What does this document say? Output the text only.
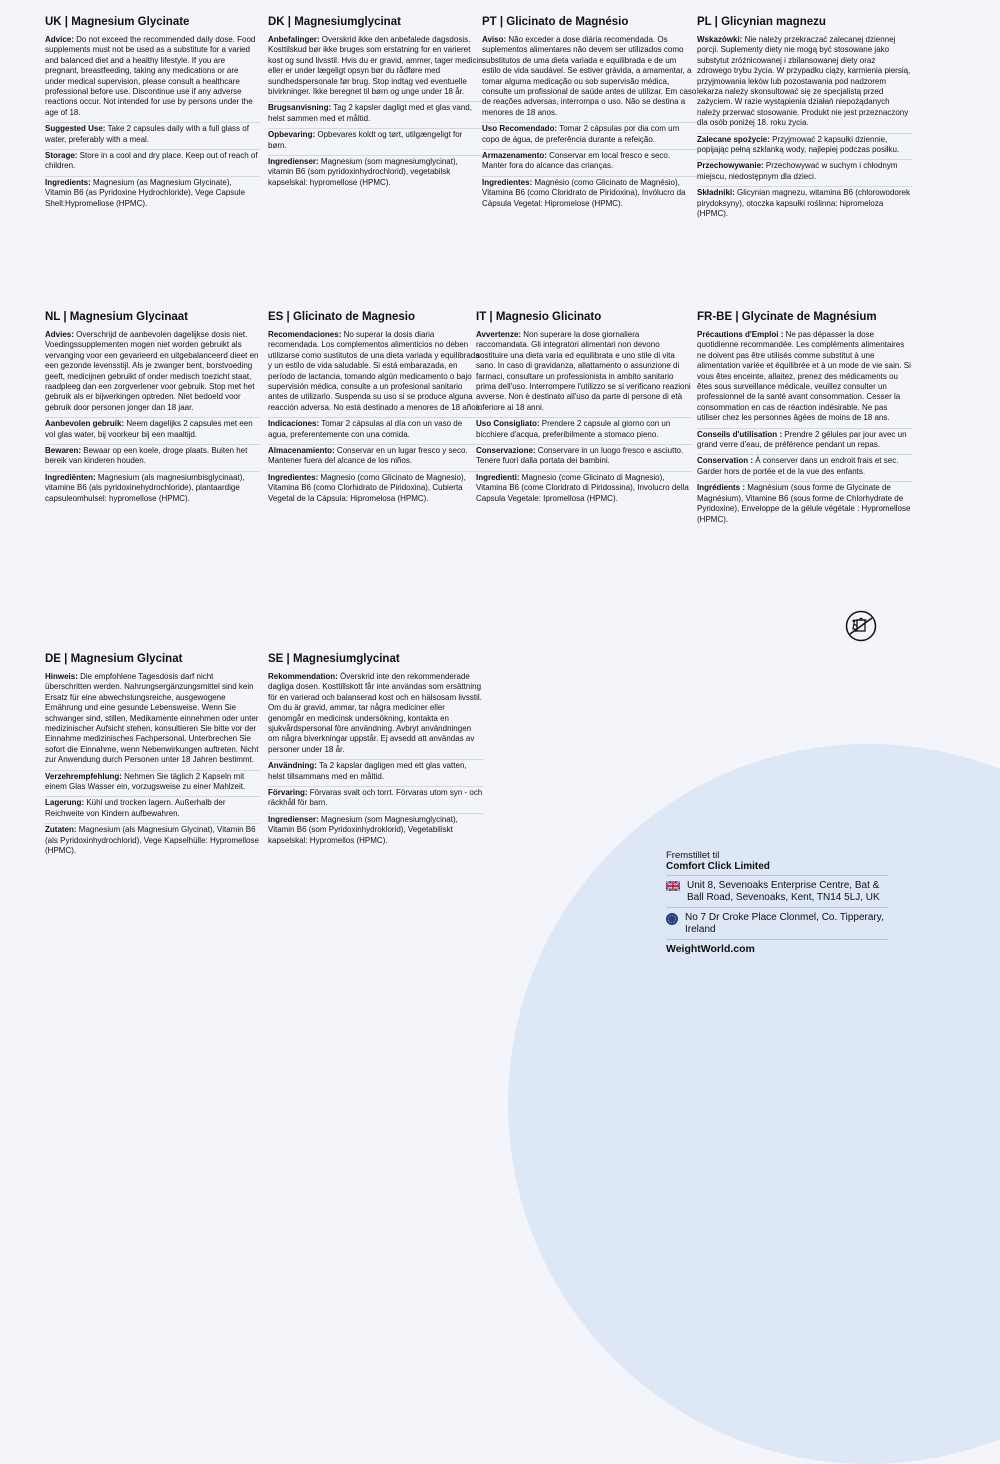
UK | Magnesium Glycinate
Advice: Do not exceed the recommended daily dose. Food supplements must not be used as a substitute for a varied and balanced diet and a healthy lifestyle. If you are pregnant, breastfeeding, taking any medications or are under medical supervision, please consult a healthcare professional before use. Discontinue use if any adverse reactions occur. Not intended for use by persons under the age of 18.
Suggested Use: Take 2 capsules daily with a full glass of water, preferably with a meal.
Storage: Store in a cool and dry place. Keep out of reach of children.
Ingredients: Magnesium (as Magnesium Glycinate), Vitamin B6 (as Pyridoxine Hydrochloride), Vege Capsule Shell:Hypromellose (HPMC).
DK | Magnesiumglycinat
Anbefalinger: Overskrid ikke den anbefalede dagsdosis. Kosttilskud bør ikke bruges som erstatning for en varieret kost og sund livsstil. Hvis du er gravid, ammer, tager medicin eller er under lægeligt opsyn bør du rådføre med sundhedspersonale før brug. Stop indtag ved eventuelle bivirkninger. Ikke beregnet til børn og unge under 18 år.
Brugsanvisning: Tag 2 kapsler dagligt med et glas vand, helst sammen med et måltid.
Opbevaring: Opbevares koldt og tørt, utilgængeligt for børn.
Ingredienser: Magnesium (som magnesiumglycinat), vitamin B6 (som pyridoxinhydrochlorid), vegetabilsk kapselskal: hypromellose (HPMC).
PT | Glicinato de Magnésio
Aviso: Não exceder a dose diária recomendada. Os suplementos alimentares não devem ser utilizados como substitutos de uma dieta variada e equilibrada e de um estilo de vida saudável. Se estiver grávida, a amamentar, a tomar alguma medicação ou sob supervisão médica, consulte um profissional de saúde antes de utilizar. Em caso de reações adversas, interrompa o uso. Não se destina a menores de 18 anos.
Uso Recomendado: Tomar 2 cápsulas por dia com um copo de água, de preferência durante a refeição.
Armazenamento: Conservar em local fresco e seco. Manter fora do alcance das crianças.
Ingredientes: Magnésio (como Glicinato de Magnésio), Vitamina B6 (como Cloridrato de Piridoxina), Invólucro da Cápsula Vegetal: Hipromelose (HPMC).
PL | Glicynian magnezu
Wskazówki: Nie należy przekraczać zalecanej dziennej porcji. Suplementy diety nie mogą być stosowane jako substytut zróżnicowanej i zbilansowanej diety oraz zdrowego trybu życia. W przypadku ciąży, karmienia piersią, przyjmowania leków lub pozostawania pod nadzorem lekarza należy skonsultować się ze specjalistą przed zażyciem. W razie wystąpienia działań niepożądanych należy przerwać stosowanie. Produkt nie jest przeznaczony dla osób poniżej 18. roku życia.
Zalecane spożycie: Przyjmować 2 kapsułki dziennie, popijając pełną szklanką wody, najlepiej podczas posiłku.
Przechowywanie: Przechowywać w suchym i chłodnym miejscu, niedostępnym dla dzieci.
Składniki: Glicynian magnezu, witamina B6 (chlorowodorek pirydoksyny), otoczka kapsułki roślinna: hipromeloza (HPMC).
NL | Magnesium Glycinaat
Advies: Overschrijd de aanbevolen dagelijkse dosis niet. Voedingssupplementen mogen niet worden gebruikt als vervanging voor een gevarieerd en uitgebalanceerd dieet en een gezonde levensstijl. Als je zwanger bent, borstvoeding geeft, medicijnen gebruikt of onder medisch toezicht staat, raadpleeg dan een zorgverlener voor gebruik. Stop met het gebruik als er bijwerkingen optreden. Niet bedoeld voor gebruik door personen jonger dan 18 jaar.
Aanbevolen gebruik: Neem dagelijks 2 capsules met een vol glas water, bij voorkeur bij een maaltijd.
Bewaren: Bewaar op een koele, droge plaats. Buiten het bereik van kinderen houden.
Ingrediënten: Magnesium (als magnesiumbisglycinaat), vitamine B6 (als pyridoxinehydrochloride), plantaardige capsuleomhulsel: hypromellose (HPMC).
ES | Glicinato de Magnesio
Recomendaciones: No superar la dosis diaria recomendada. Los complementos alimenticios no deben utilizarse como sustitutos de una dieta variada y equilibrada y un estilo de vida saludable. Si está embarazada, en período de lactancia, tomando algún medicamento o bajo supervisión médica, consulte a un profesional sanitario antes de utilizarlo. Suspenda su uso si se produce alguna reacción adversa. No está destinado a menores de 18 años.
Indicaciones: Tomar 2 cápsulas al día con un vaso de agua, preferentemente con una comida.
Almacenamiento: Conservar en un lugar fresco y seco. Mantener fuera del alcance de los niños.
Ingredientes: Magnesio (como Glicinato de Magnesio), Vitamina B6 (como Clorhidrato de Piridoxina), Cubierta Vegetal de la Cápsula: Hipromelosa (HPMC).
IT | Magnesio Glicinato
Avvertenze: Non superare la dose giornaliera raccomandata. Gli integratori alimentari non devono sostituire una dieta varia ed equilibrata e uno stile di vita sano. In caso di gravidanza, allattamento o assunzione di farmaci, consultare un professionista in ambito sanitario prima dell'uso. Interrompere l'utilizzo se si verificano reazioni avverse. Non è destinato all'uso da parte di persone di età inferiore ai 18 anni.
Uso Consigliato: Prendere 2 capsule al giorno con un bicchiere d'acqua, preferibilmente a stomaco pieno.
Conservazione: Conservare in un luogo fresco e asciutto. Tenere fuori dalla portata dei bambini.
Ingredienti: Magnesio (come Glicinato di Magnesio), Vitamina B6 (come Cloridrato di Piridossina), Involucro della Capsula Vegetale: Ipromellosa (HPMC).
FR-BE | Glycinate de Magnésium
Précautions d'Emploi : Ne pas dépasser la dose quotidienne recommandée. Les compléments alimentaires ne doivent pas être utilisés comme substitut à une alimentation variée et équilibrée et à un mode de vie sain. Si vous êtes enceinte, allaitez, prenez des médicaments ou êtes sous surveillance médicale, veuillez consulter un professionnel de la santé avant consommation. Cesser la consommation en cas de réaction indésirable. Ne pas utiliser chez les personnes âgées de moins de 18 ans.
Conseils d'utilisation : Prendre 2 gélules par jour avec un grand verre d'eau, de préférence pendant un repas.
Conservation : À conserver dans un endroit frais et sec. Garder hors de portée et de la vue des enfants.
Ingrédients : Magnésium (sous forme de Glycinate de Magnésium), Vitamine B6 (sous forme de Chlorhydrate de Pyridoxine), Enveloppe de la gélule végétale : Hypromellose (HPMC).
DE | Magnesium Glycinat
Hinweis: Die empfohlene Tagesdosis darf nicht überschritten werden. Nahrungsergänzungsmittel sind kein Ersatz für eine abwechslungsreiche, ausgewogene Ernährung und eine gesunde Lebensweise. Wenn Sie schwanger sind, stillen, Medikamente einnehmen oder unter medizinischer Aufsicht stehen, konsultieren Sie bitte vor der Einnahme medizinisches Fachpersonal. Unterbrechen Sie sofort die Einnahme, wenn Nebenwirkungen auftreten. Nicht zur Anwendung durch Personen unter 18 Jahren bestimmt.
Verzehrempfehlung: Nehmen Sie täglich 2 Kapseln mit einem Glas Wasser ein, vorzugsweise zu einer Mahlzeit.
Lagerung: Kühl und trocken lagern. Außerhalb der Reichweite von Kindern aufbewahren.
Zutaten: Magnesium (als Magnesium Glycinat), Vitamin B6 (als Pyridoxinhydrochlorid), Vege Kapselhülle: Hypromellose (HPMC).
SE | Magnesiumglycinat
Rekommendation: Överskrid inte den rekommenderade dagliga dosen. Kosttillskott får inte användas som ersättning för en varierad och balanserad kost och en hälsosam livsstil. Om du är gravid, ammar, tar några mediciner eller genomgår en medicinsk undersökning, kontakta en sjukvårdspersonal före användning. Avbryt användningen om några biverkningar uppstår. Ej avsedd att användas av personer under 18 år.
Användning: Ta 2 kapslar dagligen med ett glas vatten, helst tillsammans med en måltid.
Förvaring: Förvaras svalt och torrt. Förvaras utom syn - och räckhåll för barn.
Ingredienser: Magnesium (som Magnesiumglycinat), Vitamin B6 (som Pyridoxinhydroklorid), Vegetabiliskt kapselskal: Hypromellos (HPMC).
Fremstillet til
Comfort Click Limited
Unit 8, Sevenoaks Enterprise Centre, Bat & Ball Road, Sevenoaks, Kent, TN14 5LJ, UK
No 7 Dr Croke Place Clonmel, Co. Tipperary, Ireland
WeightWorld.com
